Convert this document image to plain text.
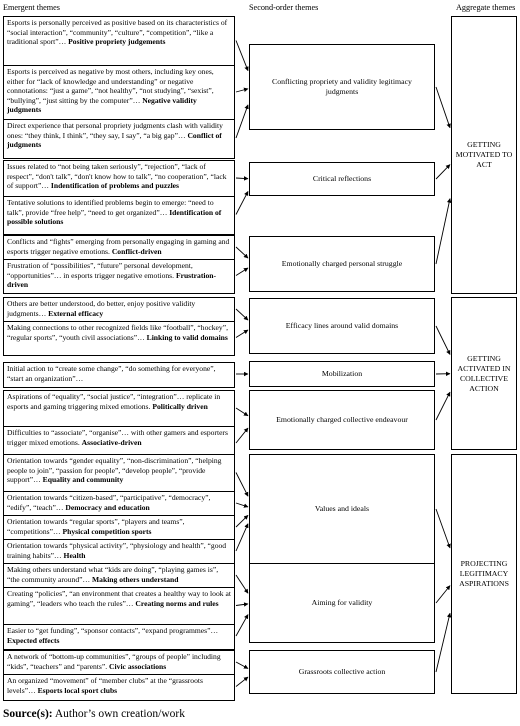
Emergent themes	Second-order themes	Aggregate themes
Esports is personally perceived as positive based on its characteristics of “social interaction”, “community”, “culture”, “competition”, “like a traditional sport”… Positive propriety judgements
Esports is perceived as negative by most others, including key ones, either for “lack of knowledge and understanding” or negative connotations: “just a game”, “not healthy”, “not studying”, “sexist”, “bullying”, “just sitting by the computer”… Negative validity judgments
Direct experience that personal propriety judgments clash with validity ones: “they think, I think”, “they say, I say”, “a big gap”… Conflict of judgments
Conflicting propriety and validity legitimacy judgments
Issues related to “not being taken seriously”, “rejection”, “lack of respect”, “don't talk”, “don't know how to talk”, “no cooperation”, “lack of support”… Indentification of problems and puzzles
Tentative solutions to identified problems begin to emerge: “need to talk”, provide “free help”, “need to get organized”… Identification of possible solutions
Critical reflections
Conflicts and “fights” emerging from personally engaging in gaming and esports trigger negative emotions. Conflict-driven
Frustration of “possibilities”, “future” personal development, “opportunities”… in esports trigger negative emotions. Frustration-driven
Emotionally charged personal struggle
Others are better understood, do better, enjoy positive validity judgments… External efficacy
Making connections to other recognized fields like “football”, “hockey”, “regular sports”, “youth civil associations”… Linking to valid domains
Efficacy lines around valid domains
Initial action to “create some change”, “do something for everyone”, “start an organization”…
Mobilization
Aspirations of “equality”, “social justice”, “integration”… replicate in esports and gaming triggering mixed emotions. Politically driven
Difficulties to “associate”, “organise”… with other gamers and esporters trigger mixed emotions. Associative-driven
Emotionally charged collective endeavour
Orientation towards “gender equality”, “non-discrimination”, “helping people to join”, “passion for people”, “develop people”, “provide support”… Equality and community
Orientation towards “citizen-based”, “participative”, “democracy”, “edify”, “teach”… Democracy and education
Orientation towards “regular sports”, “players and teams”, “competitions”… Physical competition sports
Orientation towards “physical activity”, “physiology and health”, “good training habits”… Health
Values and ideals
Making others understand what “kids are doing”, “playing games is”, “the community around”… Making others understand
Creating “policies”, “an environment that creates a healthy way to look at gaming”, “leaders who teach the rules”… Creating norms and rules
Easier to “get funding”, “sponsor contacts”, “expand programmes”… Expected effects
Aiming for validity
A network of “bottom-up communities”, “groups of people” including “kids”, “teachers” and “parents”. Civic associations
An organized “movement” of “member clubs” at the “grassroots levels”… Esports local sport clubs
Grassroots collective action
GETTING MOTIVATED TO ACT
GETTING ACTIVATED IN COLLECTIVE ACTION
PROJECTING LEGITIMACY ASPIRATIONS
Source(s): Author’s own creation/work
